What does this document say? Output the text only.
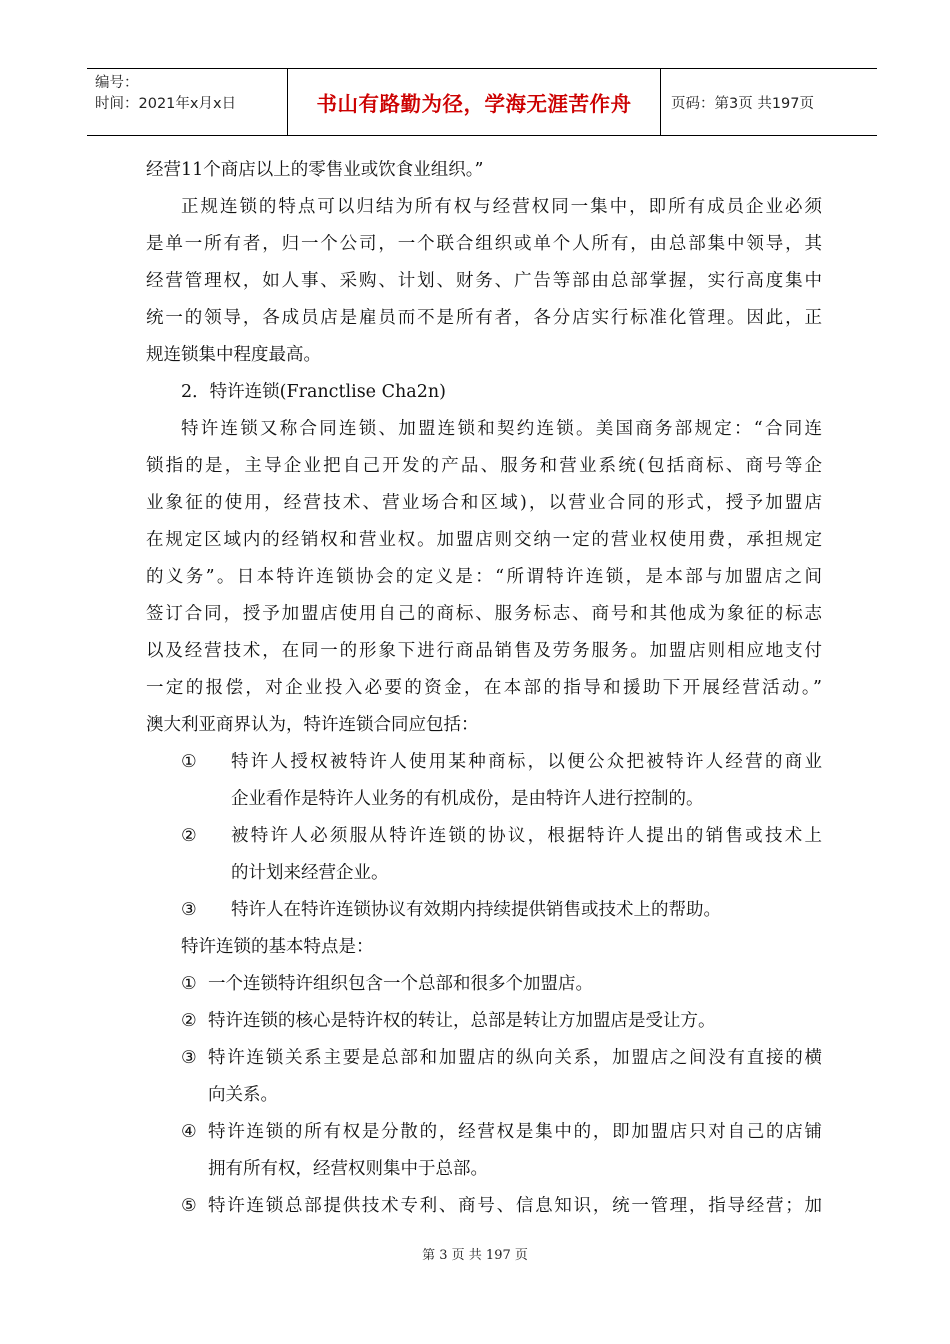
编号：
时间：2021年x月x日	书山有路勤为径，学海无涯苦作舟	页码：第3页 共197页
经营11个商店以上的零售业或饮食业组织。”
正规连锁的特点可以归结为所有权与经营权同一集中，即所有成员企业必须
是单一所有者，归一个公司，一个联合组织或单个人所有，由总部集中领导，其
经营管理权，如人事、采购、计划、财务、广告等部由总部掌握，实行高度集中
统一的领导，各成员店是雇员而不是所有者，各分店实行标准化管理。因此，正
规连锁集中程度最高。
2．特许连锁(Franctlise Cha2n)
特许连锁又称合同连锁、加盟连锁和契约连锁。美国商务部规定：“合同连
锁指的是，主导企业把自己开发的产品、服务和营业系统(包括商标、商号等企
业象征的使用，经营技术、营业场合和区域)，以营业合同的形式，授予加盟店
在规定区域内的经销权和营业权。加盟店则交纳一定的营业权使用费，承担规定
的义务”。日本特许连锁协会的定义是：“所谓特许连锁，是本部与加盟店之间
签订合同，授予加盟店使用自己的商标、服务标志、商号和其他成为象征的标志
以及经营技术，在同一的形象下进行商品销售及劳务服务。加盟店则相应地支付
一定的报偿，对企业投入必要的资金，在本部的指导和援助下开展经营活动。”
澳大利亚商界认为，特许连锁合同应包括：
①	特许人授权被特许人使用某种商标，以便公众把被特许人经营的商业
企业看作是特许人业务的有机成份，是由特许人进行控制的。
②	被特许人必须服从特许连锁的协议，根据特许人提出的销售或技术上
的计划来经营企业。
③	特许人在特许连锁协议有效期内持续提供销售或技术上的帮助。
特许连锁的基本特点是：
① 一个连锁特许组织包含一个总部和很多个加盟店。
② 特许连锁的核心是特许权的转让，总部是转让方加盟店是受让方。
③ 特许连锁关系主要是总部和加盟店的纵向关系，加盟店之间没有直接的横
向关系。
④ 特许连锁的所有权是分散的，经营权是集中的，即加盟店只对自己的店铺
拥有所有权，经营权则集中于总部。
⑤ 特许连锁总部提供技术专利、商号、信息知识，统一管理，指导经营；加
第 3 页 共 197 页
